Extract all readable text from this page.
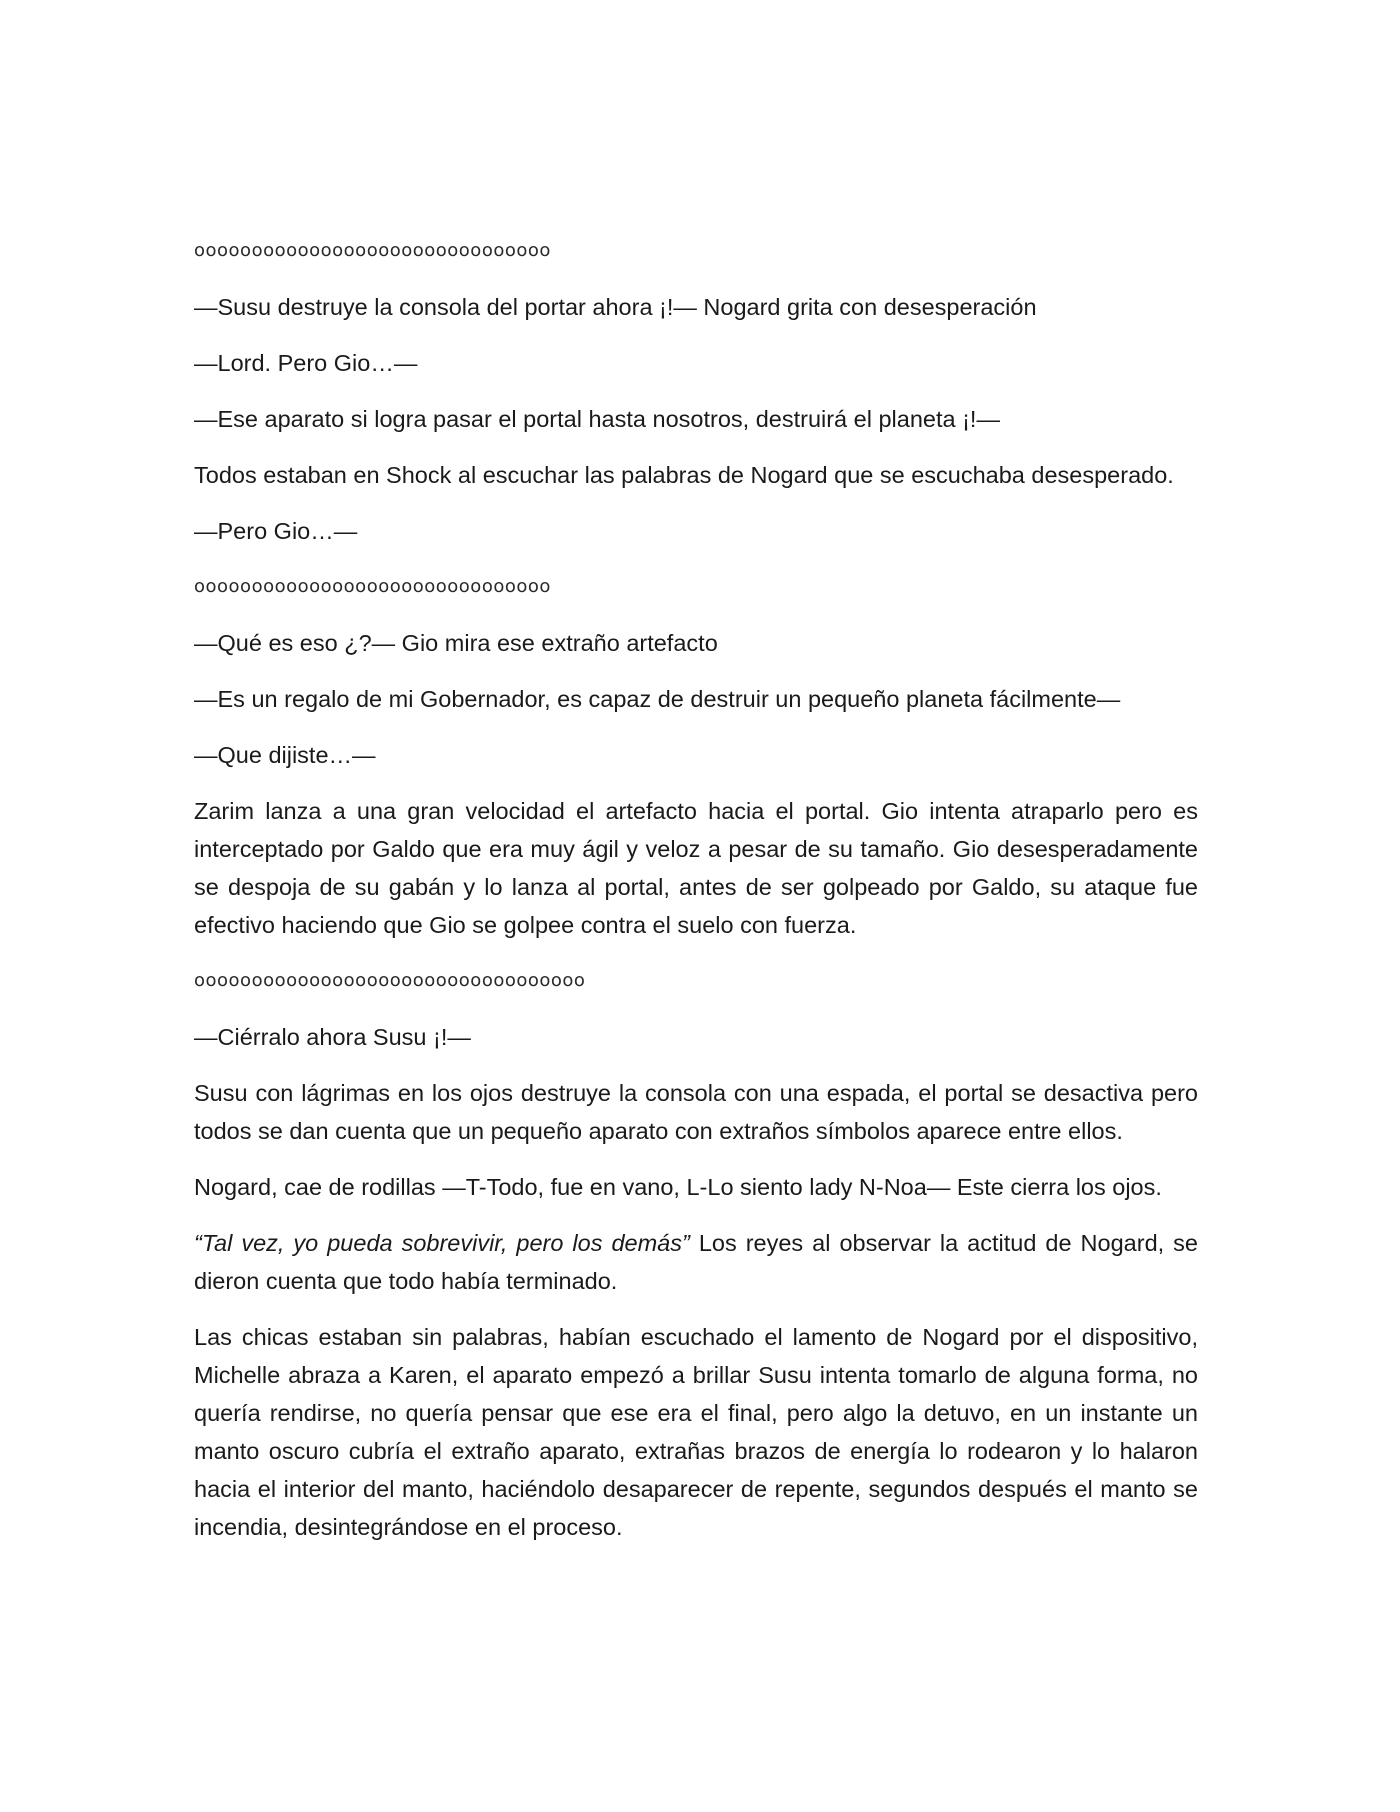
ooooooooooooooooooooooooooooooo

—Susu destruye la consola del portar ahora ¡!— Nogard grita con desesperación

—Lord. Pero Gio…—

—Ese aparato si logra pasar el portal hasta nosotros, destruirá el planeta ¡!—

Todos estaban en Shock al escuchar las palabras de Nogard que se escuchaba desesperado.

—Pero Gio…—

ooooooooooooooooooooooooooooooo

—Qué es eso ¿?— Gio mira ese extraño artefacto

—Es un regalo de mi Gobernador, es capaz de destruir un pequeño planeta fácilmente—

—Que dijiste…—

Zarim lanza a una gran velocidad el artefacto hacia el portal. Gio intenta atraparlo pero es interceptado por Galdo que era muy ágil y veloz a pesar de su tamaño. Gio desesperadamente se despoja de su gabán y lo lanza al portal, antes de ser golpeado por Galdo, su ataque fue efectivo haciendo que Gio se golpee contra el suelo con fuerza.

oooooooooooooooooooooooooooooooooo

—Ciérralo ahora Susu ¡!—

Susu con lágrimas en los ojos destruye la consola con una espada, el portal se desactiva pero todos se dan cuenta que un pequeño aparato con extraños símbolos aparece entre ellos.

Nogard, cae de rodillas —T-Todo, fue en vano, L-Lo siento lady N-Noa— Este cierra los ojos.

“Tal vez, yo pueda sobrevivir, pero los demás” Los reyes al observar la actitud de Nogard, se dieron cuenta que todo había terminado.

Las chicas estaban sin palabras, habían escuchado el lamento de Nogard por el dispositivo, Michelle abraza a Karen, el aparato empezó a brillar Susu intenta tomarlo de alguna forma, no quería rendirse, no quería pensar que ese era el final, pero algo la detuvo, en un instante un manto oscuro cubría el extraño aparato, extrañas brazos de energía lo rodearon y lo halaron hacia el interior del manto, haciéndolo desaparecer de repente, segundos después el manto se incendia, desintegrándose en el proceso.
